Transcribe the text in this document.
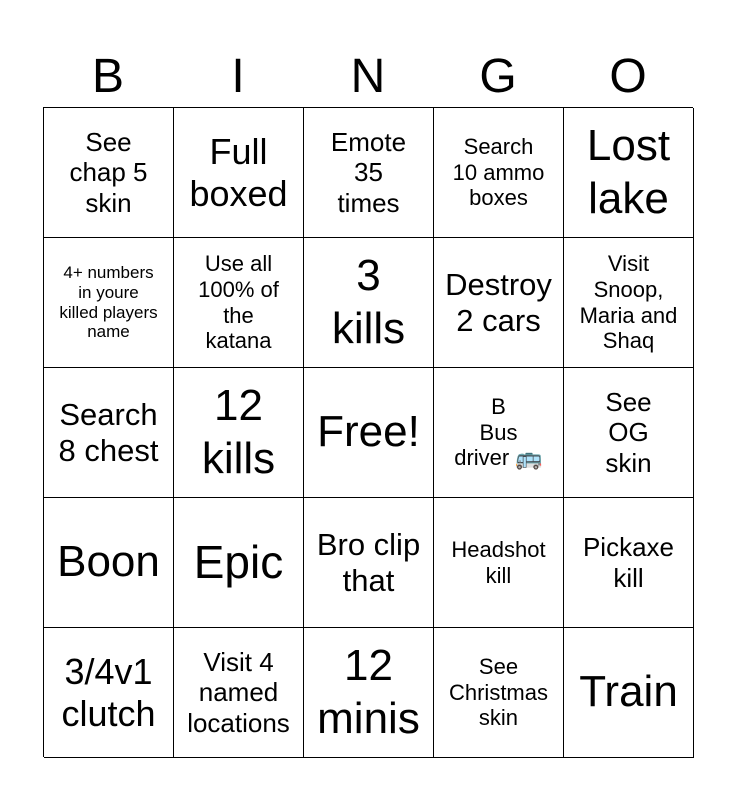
B	I	N	G	O
See
chap 5
skin
Full
boxed
Emote
35
times
Search
10 ammo
boxes
Lost
lake
4+ numbers
in youre
killed players
name
Use all
100% of
the
katana
3
kills
Destroy
2 cars
Visit
Snoop,
Maria and
Shaq
Search
8 chest
12
kills
Free!
B
Bus
driver 🚌
See
OG
skin
Boon Epic	Bro clip
that
Headshot
kill
Pickaxe
kill
3/4v1
clutch
Visit 4
named
locations
12
minis
See
Christmas
skin
Train
